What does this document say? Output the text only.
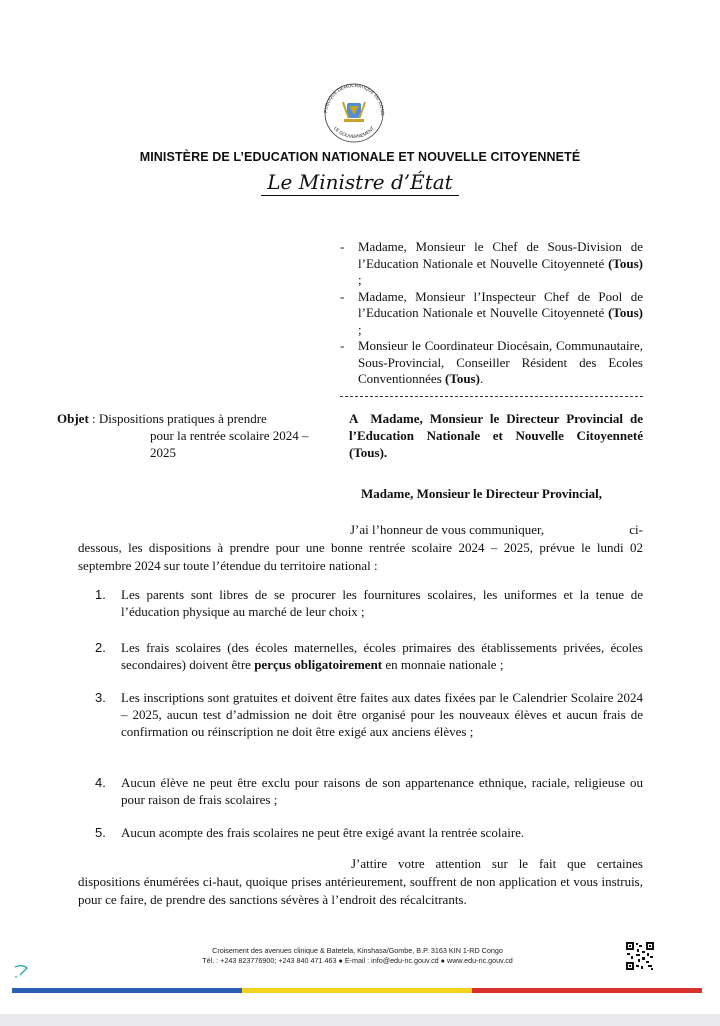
PUBLIQUE DÉMOCRATIQUE DU CONG
LE GOUVERNEMENT
MINISTÈRE DE L’EDUCATION NATIONALE ET NOUVELLE CITOYENNETÉ
Le Ministre d’État
-	Madame, Monsieur le Chef de Sous-Division de l’Education Nationale et Nouvelle Citoyenneté (Tous) ;
-	Madame, Monsieur l’Inspecteur Chef de Pool de l’Education Nationale et Nouvelle Citoyenneté (Tous) ;
-	Monsieur le Coordinateur Diocésain, Communautaire, Sous-Provincial, Conseiller Résident des Ecoles Conventionnées (Tous).
Objet : Dispositions pratiques à prendre
pour la rentrée scolaire 2024 –
2025
A Madame, Monsieur le Directeur Provincial de l’Education Nationale et Nouvelle Citoyenneté (Tous).
Madame, Monsieur le Directeur Provincial,
J’ai l’honneur de vous communiquer,	ci-
dessous, les dispositions à prendre pour une bonne rentrée scolaire 2024 – 2025, prévue le lundi 02 septembre 2024 sur toute l’étendue du territoire national :
1.	Les parents sont libres de se procurer les fournitures scolaires, les uniformes et la tenue de l’éducation physique au marché de leur choix ;
2.	Les frais scolaires (des écoles maternelles, écoles primaires des établissements privées, écoles secondaires) doivent être perçus obligatoirement en monnaie nationale ;
3.	Les inscriptions sont gratuites et doivent être faites aux dates fixées par le Calendrier Scolaire 2024 – 2025, aucun test d’admission ne doit être organisé pour les nouveaux élèves et aucun frais de confirmation ou réinscription ne doit être exigé aux anciens élèves ;
4.	Aucun élève ne peut être exclu pour raisons de son appartenance ethnique, raciale, religieuse ou pour raison de frais scolaires ;
5.	Aucun acompte des frais scolaires ne peut être exigé avant la rentrée scolaire.
J’attire votre attention sur le fait que certaines dispositions énumérées ci-haut, quoique prises antérieurement, souffrent de non application et vous instruis, pour ce faire, de prendre des sanctions sévères à l’endroit des récalcitrants.
Croisement des avenues clinique & Batetela, Kinshasa/Gombe, B.P. 3163 KIN 1-RD Congo
Tél. : +243 823776900; +243 840 471 463 ● E-mail : info@edu-nc.gouv.cd ● www.edu-nc.gouv.cd
